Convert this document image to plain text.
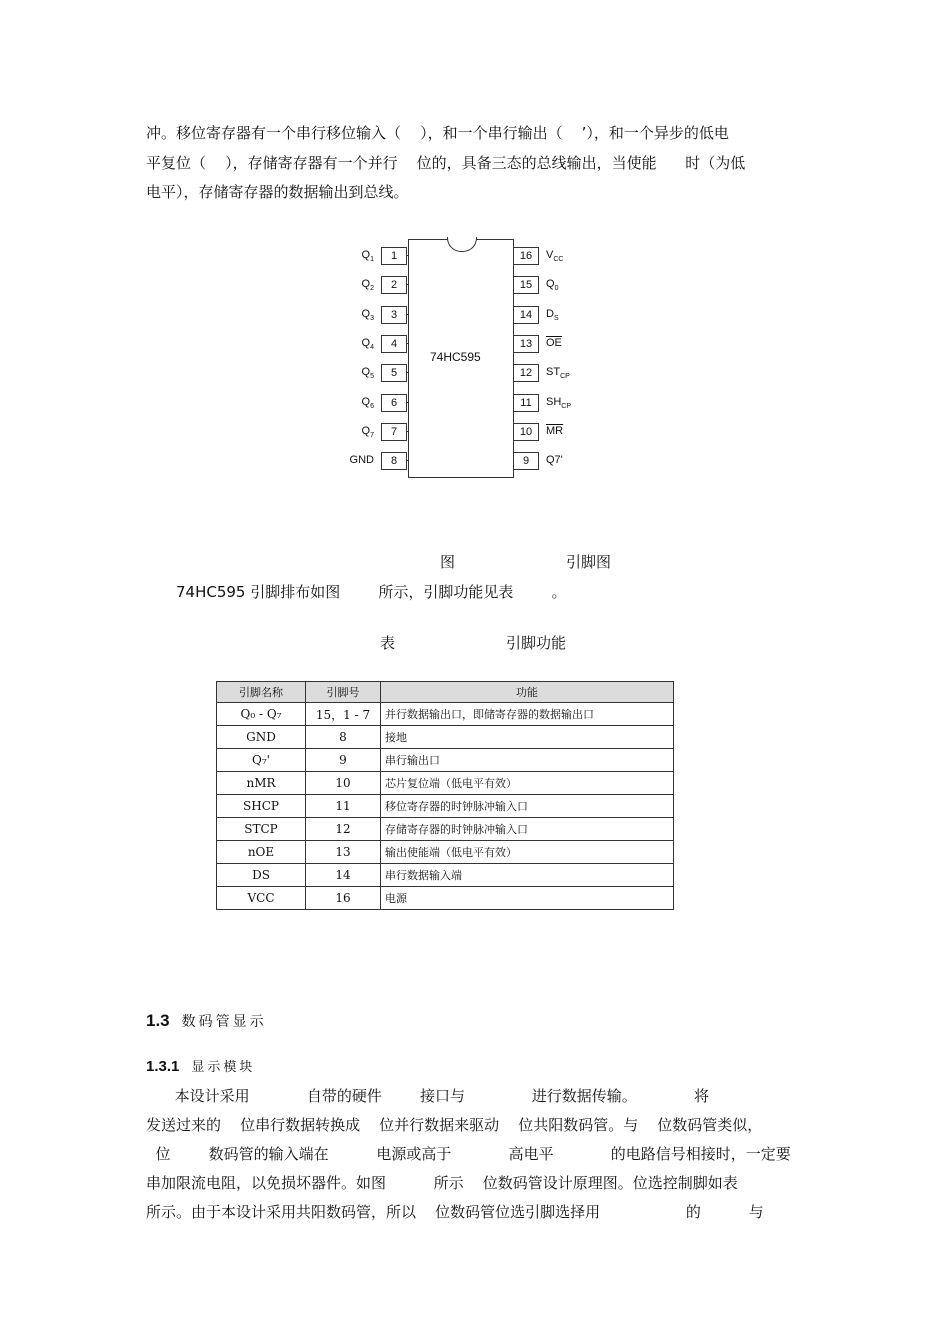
冲。移位寄存器有一个串行移位输入（    ），和一个串行输出（    ’），和一个异步的低电
平复位（    ），存储寄存器有一个并行    位的，具备三态的总线输出，当使能      时（为低
电平），存储寄存器的数据输出到总线。
74HC595
1
$Q_1$
2
$Q_2$
3
$Q_3$
4
$Q_4$
5
$Q_5$
6
$Q_6$
7
$Q_7$
8
GND
16	$V_{CC}$
15	$Q_0$
14	$D_S$
13	$\overline{OE}$
12	$ST_{CP}$
11	$SH_{CP}$
10	$\overline{MR}$
9	Q7'
图	引脚图
74HC595 引脚排布如图        所示，引脚功能见表        。
表	引脚功能
引脚名称	引脚号	功能
Q₀ - Q₇	15，1 - 7	并行数据输出口，即储寄存器的数据输出口
GND	8	接地
Q₇'	9	串行输出口
nMR	10	芯片复位端（低电平有效）
SHCP	11	移位寄存器的时钟脉冲输入口
STCP	12	存储寄存器的时钟脉冲输入口
nOE	13	输出使能端（低电平有效）
DS	14	串行数据输入端
VCC	16	电源
1.3 数码管显示
1.3.1 显示模块
本设计采用            自带的硬件        接口与              进行数据传输。            将
发送过来的    位串行数据转换成    位并行数据来驱动    位共阳数码管。与    位数码管类似，
位        数码管的输入端在          电源或高于            高电平            的电路信号相接时，一定要
串加限流电阻，以免损坏器件。如图          所示    位数码管设计原理图。位选控制脚如表
所示。由于本设计采用共阳数码管，所以    位数码管位选引脚选择用                  的          与
